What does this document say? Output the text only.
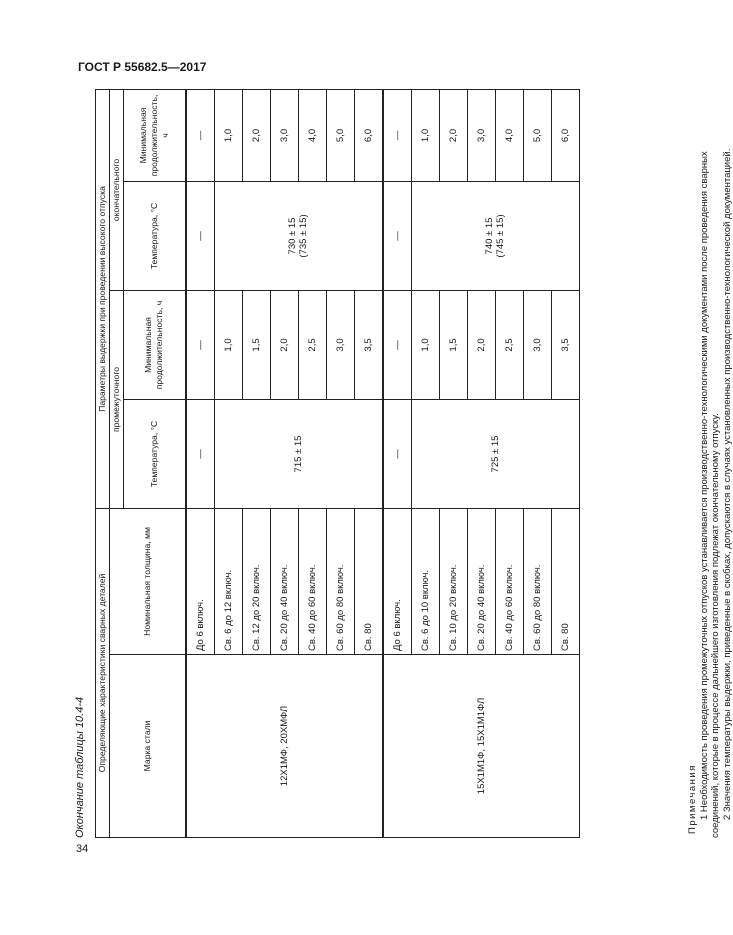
ГОСТ Р 55682.5—2017
34
Окончание таблицы 10.4-4 Определяющие характеристики сварных деталей		Параметры выдержки при проведении высокого отпуска			
Марка стали	Номинальная толщина, мм	промежуточного		окончательного	
		Температура, °С	Минимальная продолжительность, ч	Температура, °С	Минимальная продолжительность, ч
12Х1МФ, 20ХМФЛ	До 6 включ.	—	—	—	—
	Св. 6 до 12 включ.	715 ± 15	1,0	730 ± 15 (735 ± 15)	1,0
	Св. 12 до 20 включ.		1,5		2,0
	Св. 20 до 40 включ.		2,0		3,0
	Св. 40 до 60 включ.		2,5		4,0
	Св. 60 до 80 включ.		3,0		5,0
	Св. 80		3,5		6,0
15Х1М1Ф, 15Х1М1ФЛ	До 6 включ.	—	—	—	—
	Св. 6 до 10 включ.	725 ± 15	1,0	740 ± 15 (745 ± 15)	1,0
	Св. 10 до 20 включ.		1,5		2,0
	Св. 20 до 40 включ.		2,0		3,0
	Св. 40 до 60 включ.		2,5		4,0
	Св. 60 до 80 включ.		3,0		5,0
	Св. 80		3,5		6,0
Примечания 1 Необходимость проведения промежуточных отпусков устанавливается производственно-технологическими документами после проведения сварных соединений, которые в процессе дальнейшего изготовления подлежат окончательному отпуску. 2 Значения температуры выдержки, приведенные в скобках, допускаются в случаях установленных производственно-технологической документацией.
